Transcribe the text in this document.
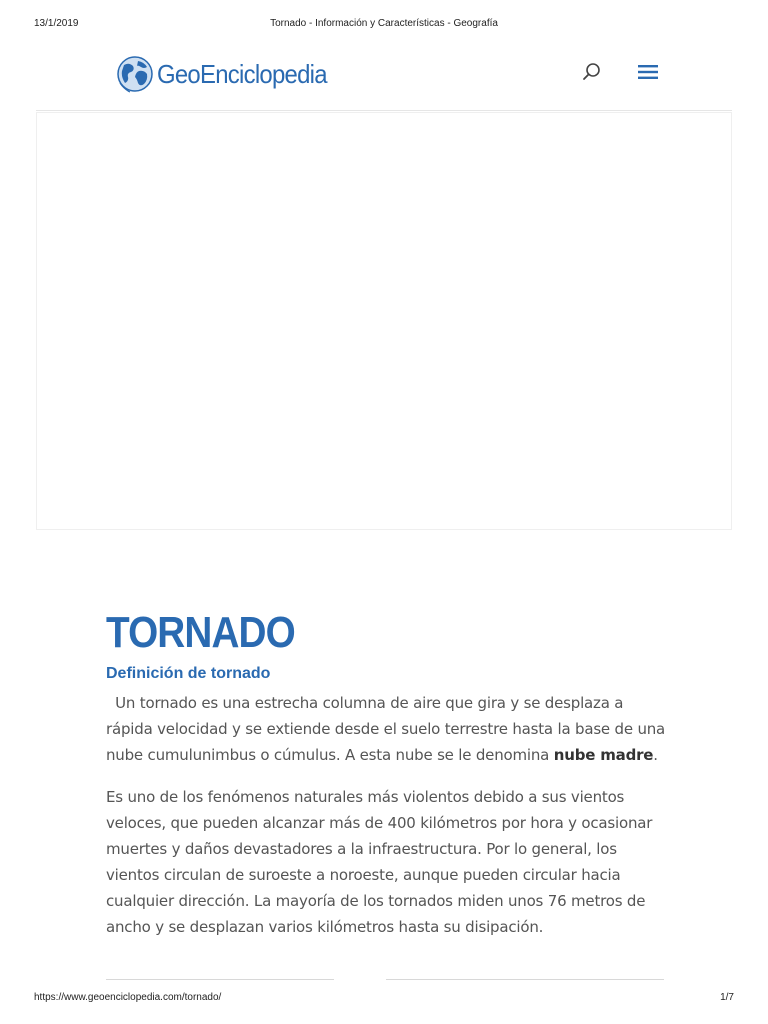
13/1/2019	Tornado - Información y Características - Geografía
GeoEnciclopedia
TORNADO
Definición de tornado

Un tornado es una estrecha columna de aire que gira y se desplaza a rápida velocidad y se extiende desde el suelo terrestre hasta la base de una nube cumulunimbus o cúmulus. A esta nube se le denomina nube madre.

Es uno de los fenómenos naturales más violentos debido a sus vientos veloces, que pueden alcanzar más de 400 kilómetros por hora y ocasionar muertes y daños devastadores a la infraestructura. Por lo general, los vientos circulan de suroeste a noroeste, aunque pueden circular hacia cualquier dirección. La mayoría de los tornados miden unos 76 metros de ancho y se desplazan varios kilómetros hasta su disipación.

https://www.geoenciclopedia.com/tornado/	1/7
